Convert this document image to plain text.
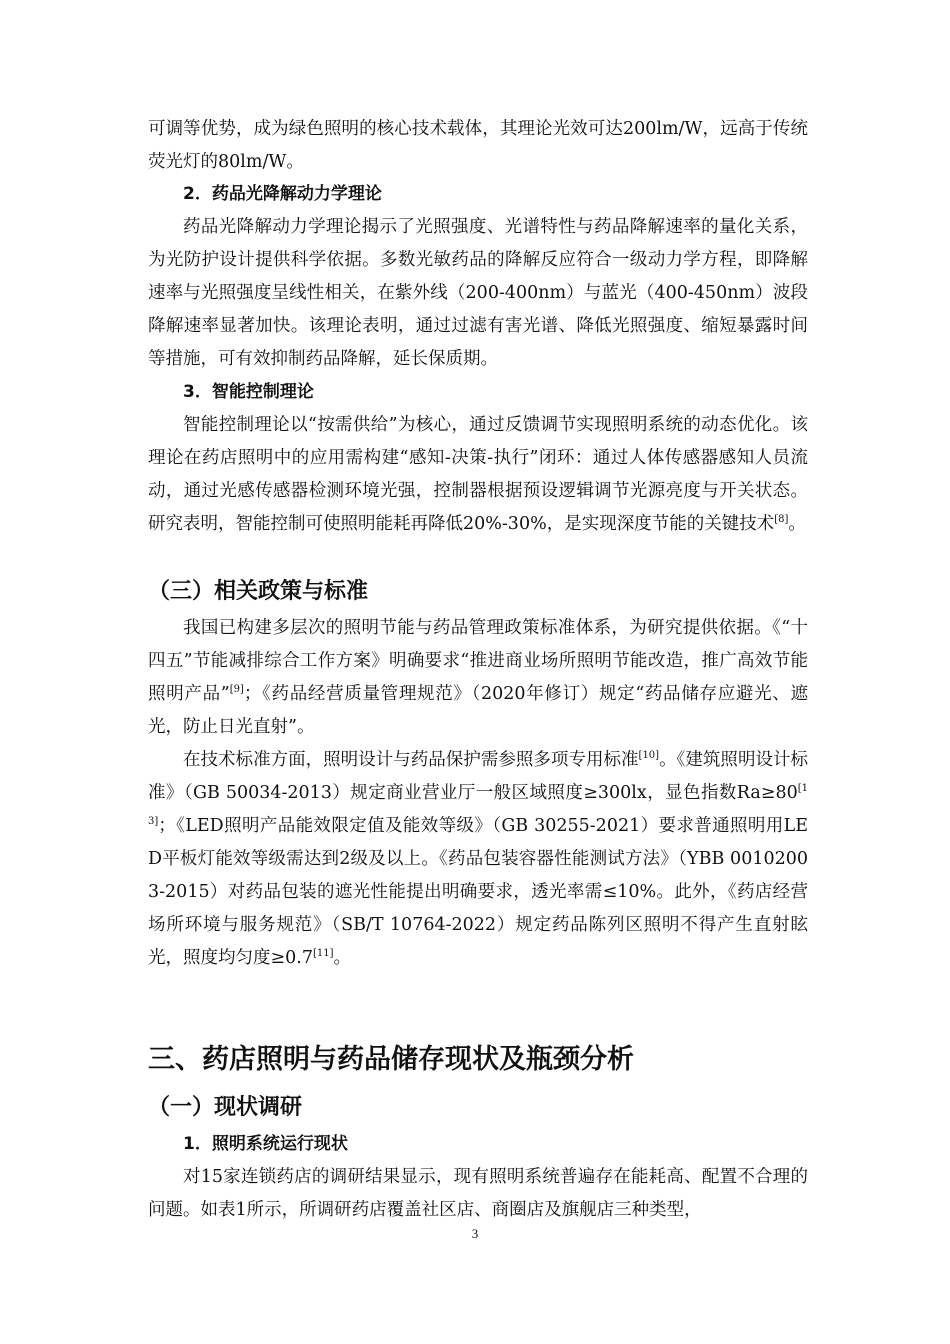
可调等优势，成为绿色照明的核心技术载体，其理论光效可达200lm/W，远高于传统荧光灯的80lm/W。

2．药品光降解动力学理论

药品光降解动力学理论揭示了光照强度、光谱特性与药品降解速率的量化关系，为光防护设计提供科学依据。多数光敏药品的降解反应符合一级动力学方程，即降解速率与光照强度呈线性相关，在紫外线（200-400nm）与蓝光（400-450nm）波段降解速率显著加快。该理论表明，通过过滤有害光谱、降低光照强度、缩短暴露时间等措施，可有效抑制药品降解，延长保质期。

3．智能控制理论

智能控制理论以“按需供给”为核心，通过反馈调节实现照明系统的动态优化。该理论在药店照明中的应用需构建“感知-决策-执行”闭环：通过人体传感器感知人员流动，通过光感传感器检测环境光强，控制器根据预设逻辑调节光源亮度与开关状态。研究表明，智能控制可使照明能耗再降低20%-30%，是实现深度节能的关键技术[8]。

（三）相关政策与标准

我国已构建多层次的照明节能与药品管理政策标准体系，为研究提供依据。《“十四五”节能减排综合工作方案》明确要求“推进商业场所照明节能改造，推广高效节能照明产品”[9]；《药品经营质量管理规范》（2020年修订）规定“药品储存应避光、遮光，防止日光直射”。

在技术标准方面，照明设计与药品保护需参照多项专用标准[10]。《建筑照明设计标准》（GB 50034-2013）规定商业营业厅一般区域照度≥300lx，显色指数Ra≥80[13]；《LED照明产品能效限定值及能效等级》（GB 30255-2021）要求普通照明用LED平板灯能效等级需达到2级及以上。《药品包装容器性能测试方法》（YBB 00102003-2015）对药品包装的遮光性能提出明确要求，透光率需≤10%。此外，《药店经营场所环境与服务规范》（SB/T 10764-2022）规定药品陈列区照明不得产生直射眩光，照度均匀度≥0.7[11]。

三、药店照明与药品储存现状及瓶颈分析
（一）现状调研

1．照明系统运行现状

对15家连锁药店的调研结果显示，现有照明系统普遍存在能耗高、配置不合理的问题。如表1所示，所调研药店覆盖社区店、商圈店及旗舰店三种类型，

3
